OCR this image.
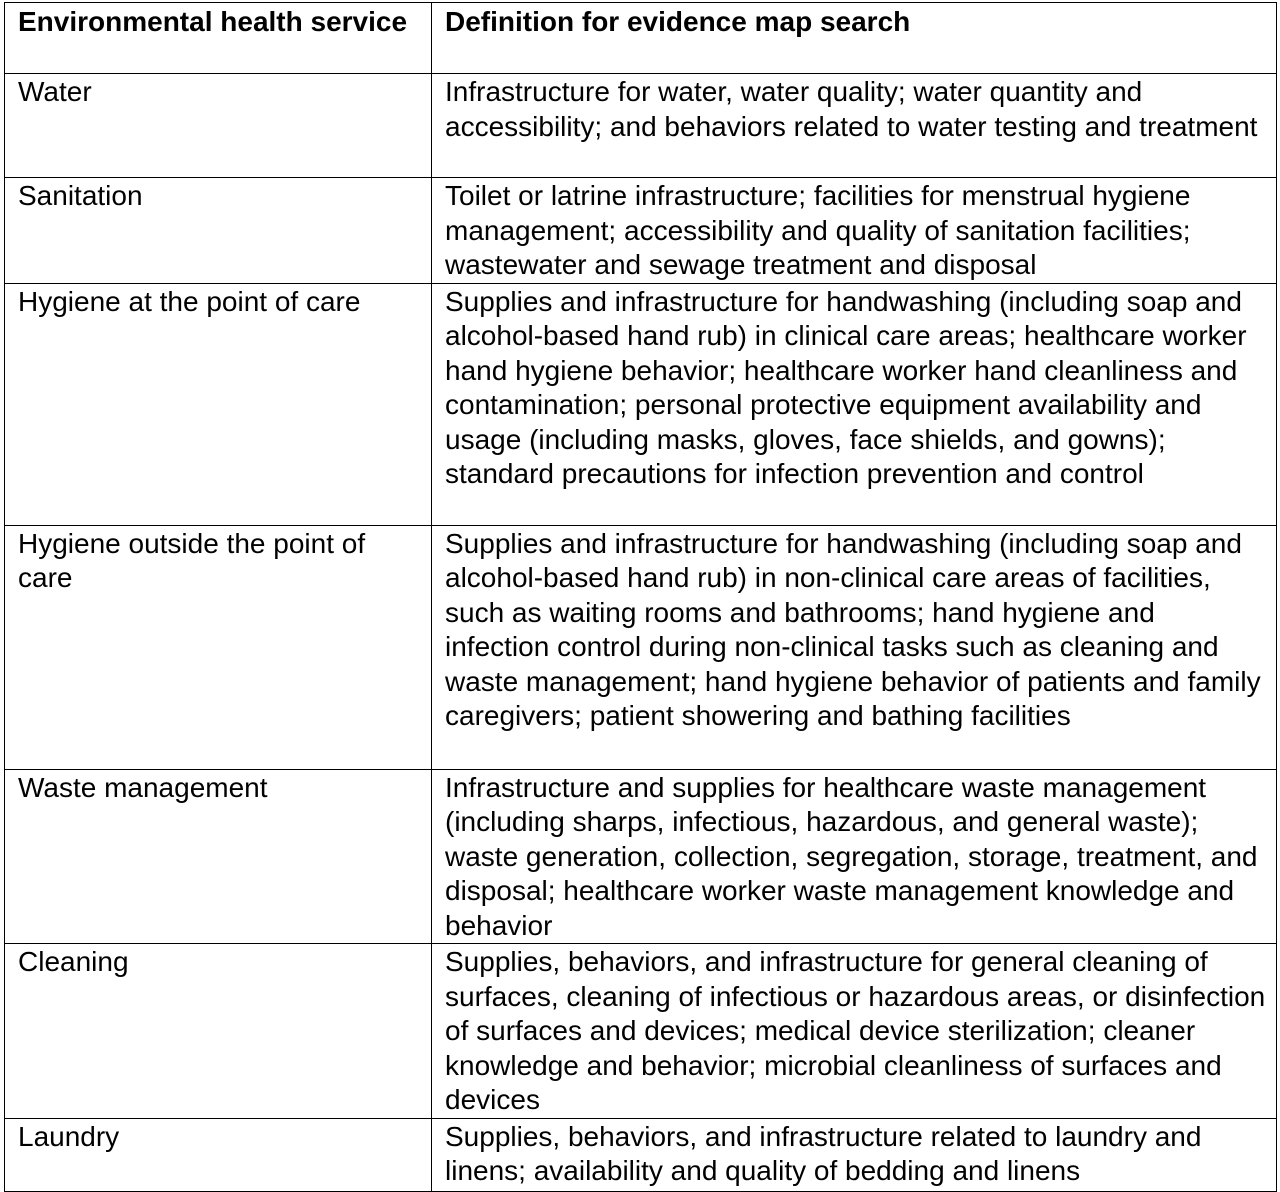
Environmental health service	Definition for evidence map search
Water	Infrastructure for water, water quality; water quantity and accessibility; and behaviors related to water testing and treatment
Sanitation	Toilet or latrine infrastructure; facilities for menstrual hygiene management; accessibility and quality of sanitation facilities; wastewater and sewage treatment and disposal
Hygiene at the point of care	Supplies and infrastructure for handwashing (including soap and alcohol-based hand rub) in clinical care areas; healthcare worker hand hygiene behavior; healthcare worker hand cleanliness and contamination; personal protective equipment availability and usage (including masks, gloves, face shields, and gowns); standard precautions for infection prevention and control
Hygiene outside the point of care	Supplies and infrastructure for handwashing (including soap and alcohol-based hand rub) in non-clinical care areas of facilities, such as waiting rooms and bathrooms; hand hygiene and infection control during non-clinical tasks such as cleaning and waste management; hand hygiene behavior of patients and family caregivers; patient showering and bathing facilities
Waste management	Infrastructure and supplies for healthcare waste management (including sharps, infectious, hazardous, and general waste); waste generation, collection, segregation, storage, treatment, and disposal; healthcare worker waste management knowledge and behavior
Cleaning	Supplies, behaviors, and infrastructure for general cleaning of surfaces, cleaning of infectious or hazardous areas, or disinfection of surfaces and devices; medical device sterilization; cleaner knowledge and behavior; microbial cleanliness of surfaces and devices
Laundry	Supplies, behaviors, and infrastructure related to laundry and linens; availability and quality of bedding and linens
